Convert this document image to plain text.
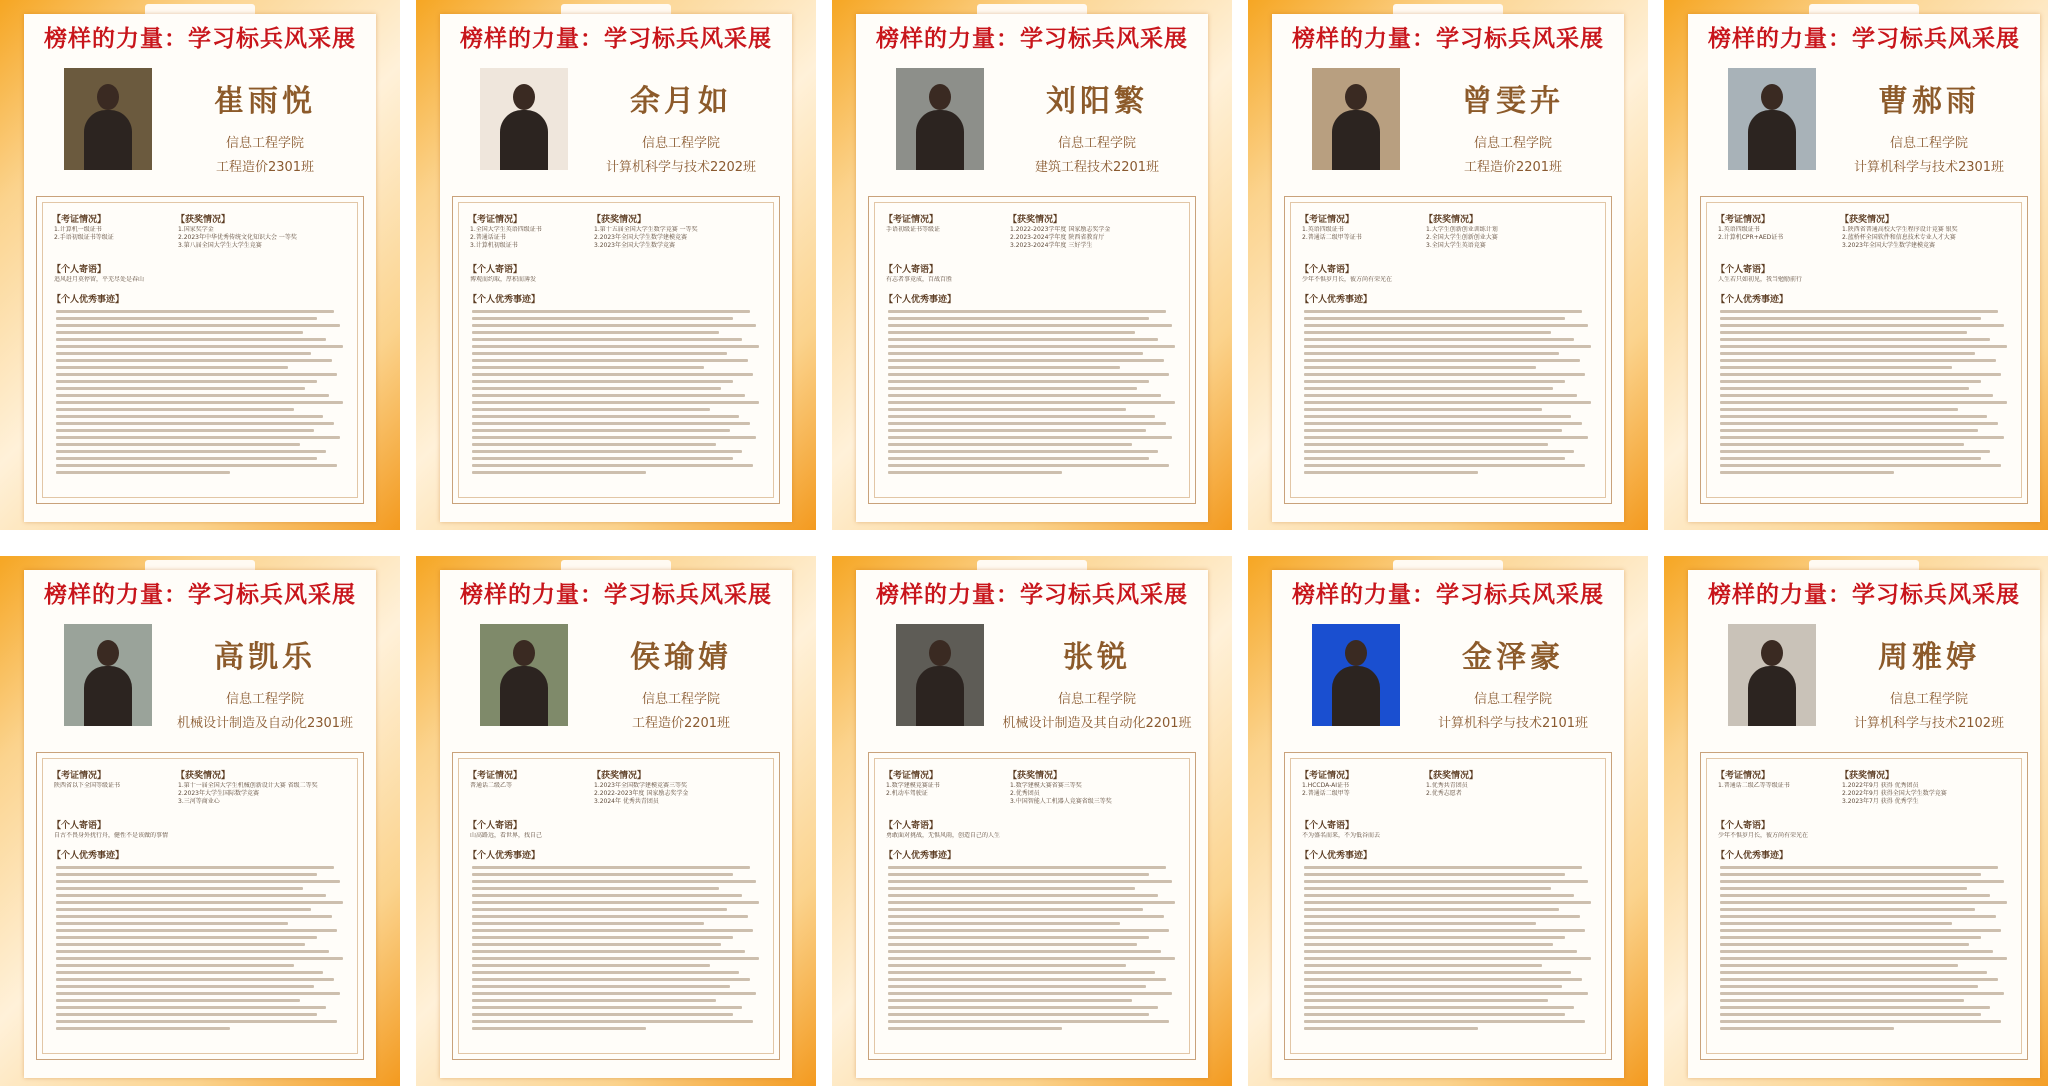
榜样的力量：学习标兵风采展
崔雨悦
信息工程学院
工程造价2301班
【考证情况】
1.计算机一级证书
2.手语初级证书等级证
【获奖情况】
1.国家奖学金
2.2023年中华优秀传统文化知识大会 一等奖
3.第八届全国大学生大学生竞赛
【个人寄语】
追风赶月莫停留，平芜尽处是春山
【个人优秀事迹】
榜样的力量：学习标兵风采展
余月如
信息工程学院
计算机科学与技术2202班
【考证情况】
1.全国大学生英语四级证书
2.普通话证书
3.计算机初级证书
【获奖情况】
1.第十五届全国大学生数学竞赛 一等奖
2.2023年全国大学生数学建模竞赛
3.2023年全国大学生数学竞赛
【个人寄语】
博观而约取，厚积而薄发
【个人优秀事迹】
榜样的力量：学习标兵风采展
刘阳繁
信息工程学院
建筑工程技术2201班
【考证情况】
手语初级证书等级证
【获奖情况】
1.2022-2023学年度 国家励志奖学金
2.2023-2024学年度 陕西省教育厅
3.2023-2024学年度 三好学生
【个人寄语】
有志者事竟成，百战百胜
【个人优秀事迹】
榜样的力量：学习标兵风采展
曾雯卉
信息工程学院
工程造价2201班
【考证情况】
1.英语四级证书
2.普通话二级甲等证书
【获奖情况】
1.大学生创新创业训练计划
2.全国大学生创新创业大赛
3.全国大学生英语竞赛
【个人寄语】
少年不惧岁月长，彼方尚有荣光在
【个人优秀事迹】
榜样的力量：学习标兵风采展
曹郝雨
信息工程学院
计算机科学与技术2301班
【考证情况】
1.英语四级证书
2.计算机CPR+AED证书
【获奖情况】
1.陕西省普通高校大学生程序设计竞赛 银奖
2.蓝桥杯全国软件和信息技术专业人才大赛
3.2023年全国大学生数学建模竞赛
【个人寄语】
人生若只如初见，我当勉励前行
【个人优秀事迹】
榜样的力量：学习标兵风采展
高凯乐
信息工程学院
机械设计制造及自动化2301班
【考证情况】
陕西省以下全国等级证书
【获奖情况】
1.第十一届全国大学生机械创新设计大赛 省级二等奖
2.2023年大学生国际数学竞赛
3.三河等商业心
【个人寄语】
自古不畏身外扰行舟，健性不是该做的事情
【个人优秀事迹】
榜样的力量：学习标兵风采展
侯瑜婧
信息工程学院
工程造价2201班
【考证情况】
普通话二级乙等
【获奖情况】
1.2023年全国数学建模竞赛三等奖
2.2022-2023年度 国家励志奖学金
3.2024年 优秀共青团员
【个人寄语】
山高路远，看世界，找自己
【个人优秀事迹】
榜样的力量：学习标兵风采展
张锐
信息工程学院
机械设计制造及其自动化2201班
【考证情况】
1.数学建模竞赛证书
2.机动车驾驶证
【获奖情况】
1.数学建模大赛省赛三等奖
2.优秀团员
3.中国智能人工机器人竞赛省级三等奖
【个人寄语】
勇敢面对挑战，无惧风雨，创造自己的人生
【个人优秀事迹】
榜样的力量：学习标兵风采展
金泽豪
信息工程学院
计算机科学与技术2101班
【考证情况】
1.HCCDA-AI证书
2.普通话二级甲等
【获奖情况】
1.优秀共青团员
2.优秀志愿者
【个人寄语】
不为盛名而来，不为低谷而去
【个人优秀事迹】
榜样的力量：学习标兵风采展
周雅婷
信息工程学院
计算机科学与技术2102班
【考证情况】
1.普通话二级乙等等级证书
【获奖情况】
1.2022年9月 获得 优秀团员
2.2022年9月 获得全国大学生数学竞赛
3.2023年7月 获得 优秀学生
【个人寄语】
少年不惧岁月长，彼方尚有荣光在
【个人优秀事迹】
